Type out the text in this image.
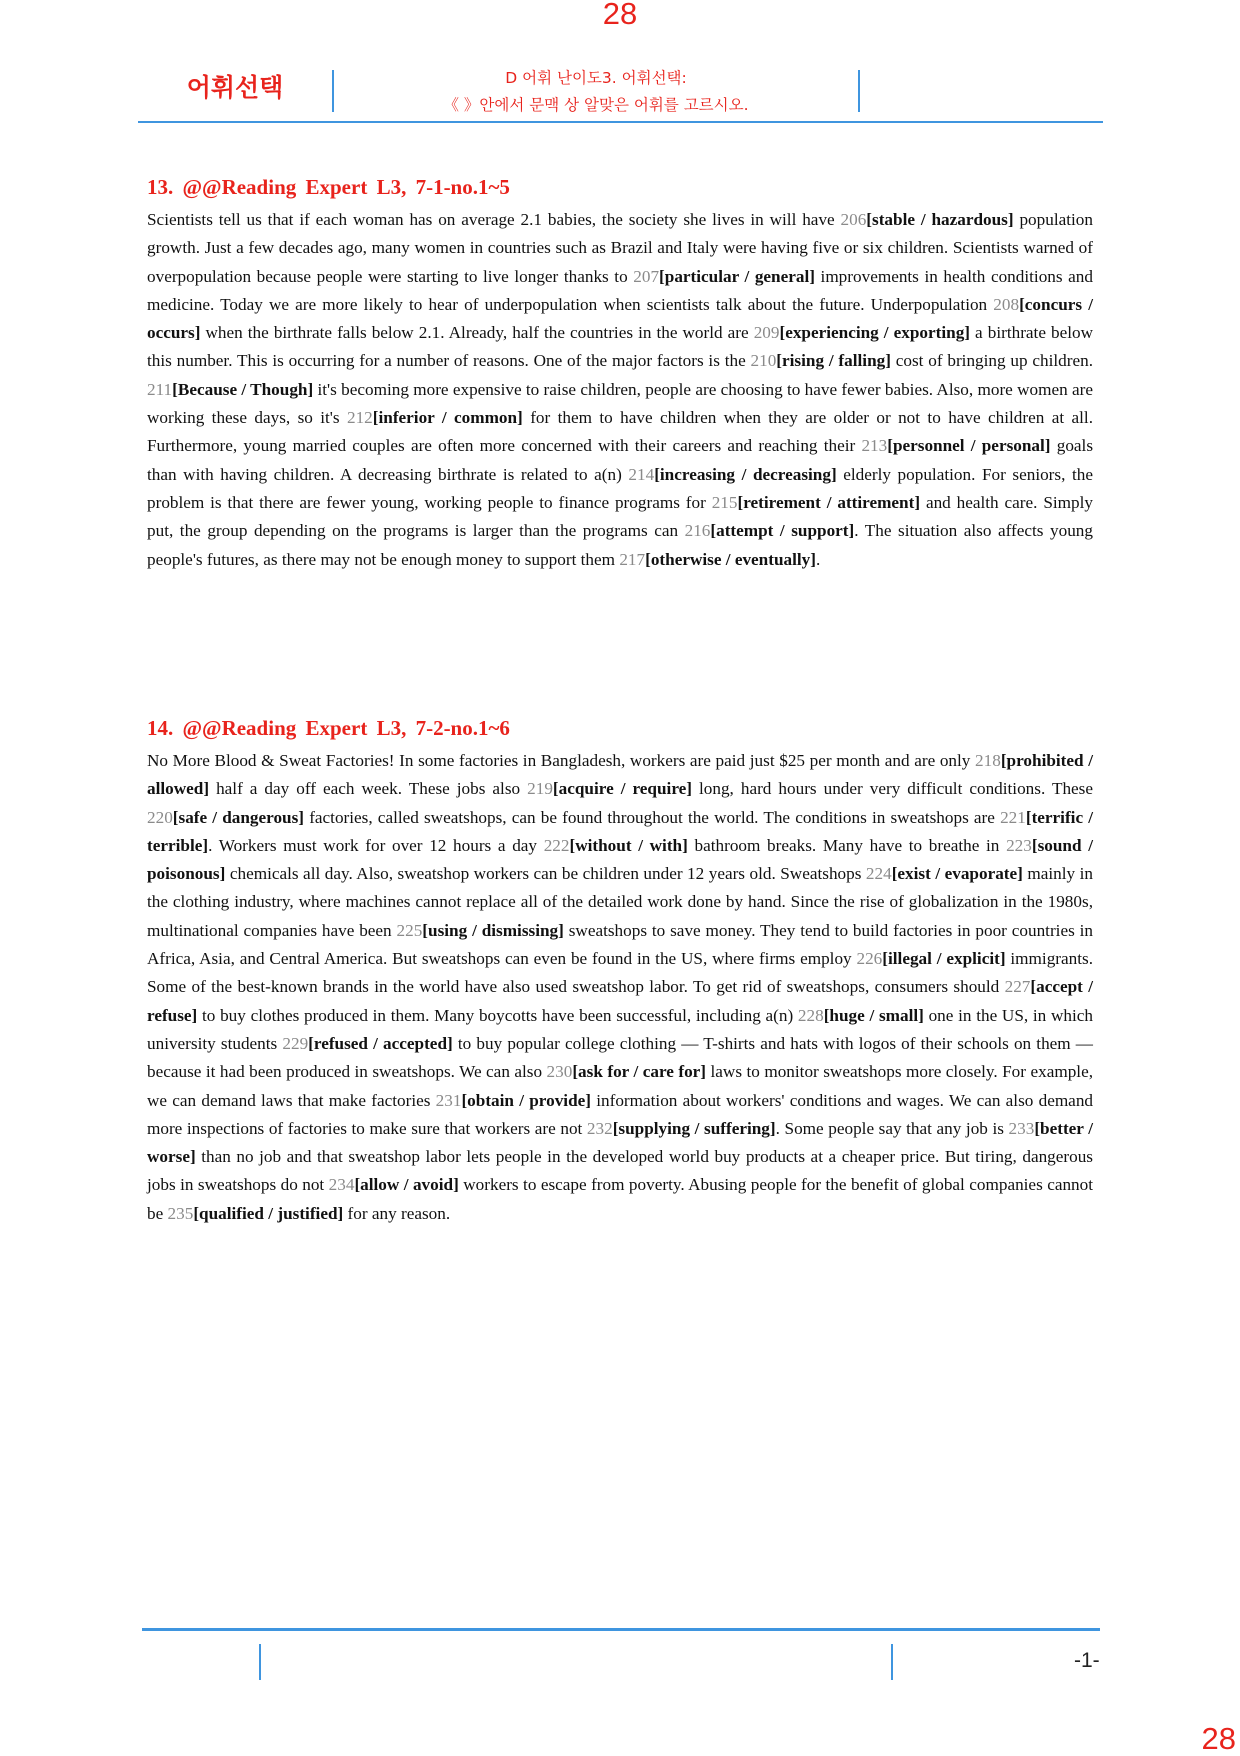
28
어휘선택	D 어휘 난이도3. 어휘선택:
《 》안에서 문맥 상 알맞은 어휘를 고르시오.
13. @@Reading Expert L3, 7-1-no.1~5

Scientists tell us that if each woman has on average 2.1 babies, the society she lives in will have 206[stable / hazardous] population growth. Just a few decades ago, many women in countries such as Brazil and Italy were having five or six children. Scientists warned of overpopulation because people were starting to live longer thanks to 207[particular / general] improvements in health conditions and medicine. Today we are more likely to hear of underpopulation when scientists talk about the future. Underpopulation 208[concurs / occurs] when the birthrate falls below 2.1. Already, half the countries in the world are 209[experiencing / exporting] a birthrate below this number. This is occurring for a number of reasons. One of the major factors is the 210[rising / falling] cost of bringing up children. 211[Because / Though] it's becoming more expensive to raise children, people are choosing to have fewer babies. Also, more women are working these days, so it's 212[inferior / common] for them to have children when they are older or not to have children at all. Furthermore, young married couples are often more concerned with their careers and reaching their 213[personnel / personal] goals than with having children. A decreasing birthrate is related to a(n) 214[increasing / decreasing] elderly population. For seniors, the problem is that there are fewer young, working people to finance programs for 215[retirement / attirement] and health care. Simply put, the group depending on the programs is larger than the programs can 216[attempt / support]. The situation also affects young people's futures, as there may not be enough money to support them 217[otherwise / eventually].

14. @@Reading Expert L3, 7-2-no.1~6

No More Blood & Sweat Factories! In some factories in Bangladesh, workers are paid just $25 per month and are only 218[prohibited / allowed] half a day off each week. These jobs also 219[acquire / require] long, hard hours under very difficult conditions. These 220[safe / dangerous] factories, called sweatshops, can be found throughout the world. The conditions in sweatshops are 221[terrific / terrible]. Workers must work for over 12 hours a day 222[without / with] bathroom breaks. Many have to breathe in 223[sound / poisonous] chemicals all day. Also, sweatshop workers can be children under 12 years old. Sweatshops 224[exist / evaporate] mainly in the clothing industry, where machines cannot replace all of the detailed work done by hand. Since the rise of globalization in the 1980s, multinational companies have been 225[using / dismissing] sweatshops to save money. They tend to build factories in poor countries in Africa, Asia, and Central America. But sweatshops can even be found in the US, where firms employ 226[illegal / explicit] immigrants. Some of the best-known brands in the world have also used sweatshop labor. To get rid of sweatshops, consumers should 227[accept / refuse] to buy clothes produced in them. Many boycotts have been successful, including a(n) 228[huge / small] one in the US, in which university students 229[refused / accepted] to buy popular college clothing — T-shirts and hats with logos of their schools on them — because it had been produced in sweatshops. We can also 230[ask for / care for] laws to monitor sweatshops more closely. For example, we can demand laws that make factories 231[obtain / provide] information about workers' conditions and wages. We can also demand more inspections of factories to make sure that workers are not 232[supplying / suffering]. Some people say that any job is 233[better / worse] than no job and that sweatshop labor lets people in the developed world buy products at a cheaper price. But tiring, dangerous jobs in sweatshops do not 234[allow / avoid] workers to escape from poverty. Abusing people for the benefit of global companies cannot be 235[qualified / justified] for any reason.

-1-
28
